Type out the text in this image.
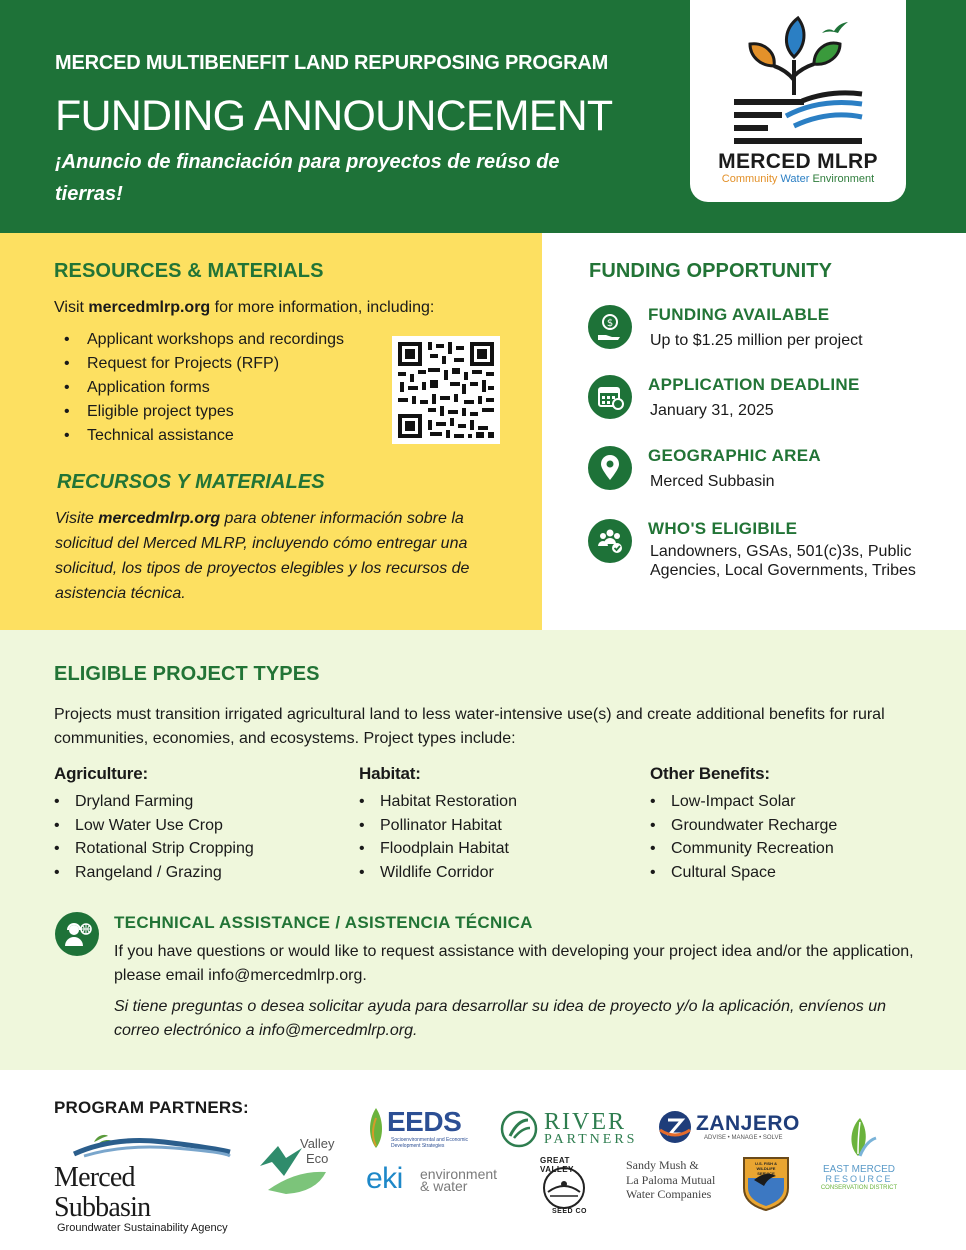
MERCED MULTIBENEFIT LAND REPURPOSING PROGRAM
FUNDING ANNOUNCEMENT
¡Anuncio de financiación para proyectos de reúso de tierras!
MERCED MLRP
Community Water Environment
RESOURCES & MATERIALS
Visit mercedmlrp.org for more information, including:
• Applicant workshops and recordings
• Request for Projects (RFP)
• Application forms
• Eligible project types
• Technical assistance
RECURSOS Y MATERIALES
Visite mercedmlrp.org para obtener información sobre la solicitud del Merced MLRP, incluyendo cómo entregar una solicitud, los tipos de proyectos elegibles y los recursos de asistencia técnica.
FUNDING OPPORTUNITY
$ FUNDING AVAILABLE
Up to $1.25 million per project
APPLICATION DEADLINE
January 31, 2025
GEOGRAPHIC AREA
Merced Subbasin
WHO'S ELIGIBILE
Landowners, GSAs, 501(c)3s, Public Agencies, Local Governments, Tribes
ELIGIBLE PROJECT TYPES
Projects must transition irrigated agricultural land to less water-intensive use(s) and create additional benefits for rural communities, economies, and ecosystems. Project types include:
Agriculture:
• Dryland Farming
• Low Water Use Crop
• Rotational Strip Cropping
• Rangeland / Grazing
Habitat:
• Habitat Restoration
• Pollinator Habitat
• Floodplain Habitat
• Wildlife Corridor
Other Benefits:
• Low-Impact Solar
• Groundwater Recharge
• Community Recreation
• Cultural Space
TECHNICAL ASSISTANCE / ASISTENCIA TÉCNICA
If you have questions or would like to request assistance with developing your project idea and/or the application, please email info@mercedmlrp.org.
Si tiene preguntas o desea solicitar ayuda para desarrollar su idea de proyecto y/o la aplicación, envíenos un correo electrónico a info@mercedmlrp.org.
PROGRAM PARTNERS:
Merced Subbasin
Groundwater Sustainability Agency
Valley
Eco
EEDS
Socioenvironmental and Economic
Development Strategies
eki environment
& water
RIVER
PARTNERS
GREAT VALLEY
SEED CO
ZANJERO
ADVISE • MANAGE • SOLVE
Sandy Mush &
La Paloma Mutual
Water Companies
U.S. FISH & WILDLIFE SERVICE	EAST MERCED
RESOURCE
CONSERVATION DISTRICT
